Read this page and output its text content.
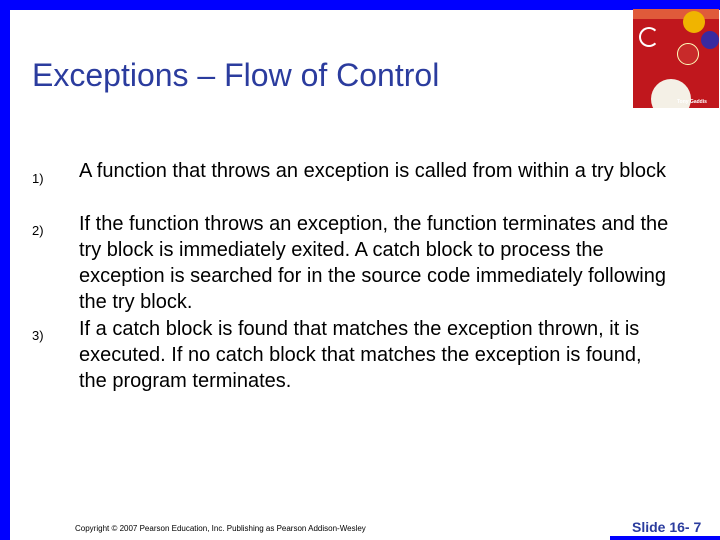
Exceptions – Flow of Control
Tony Gaddis
1) A function that throws an exception is called from within a try block
2) If the function throws an exception, the function terminates and the try block is immediately exited. A catch block to process the exception is searched for in the source code immediately following the try block.
3) If a catch block is found that matches the exception thrown, it is executed. If no catch block that matches the exception is found, the program terminates.
Copyright © 2007 Pearson Education, Inc. Publishing as Pearson Addison-Wesley	Slide 16- 7
